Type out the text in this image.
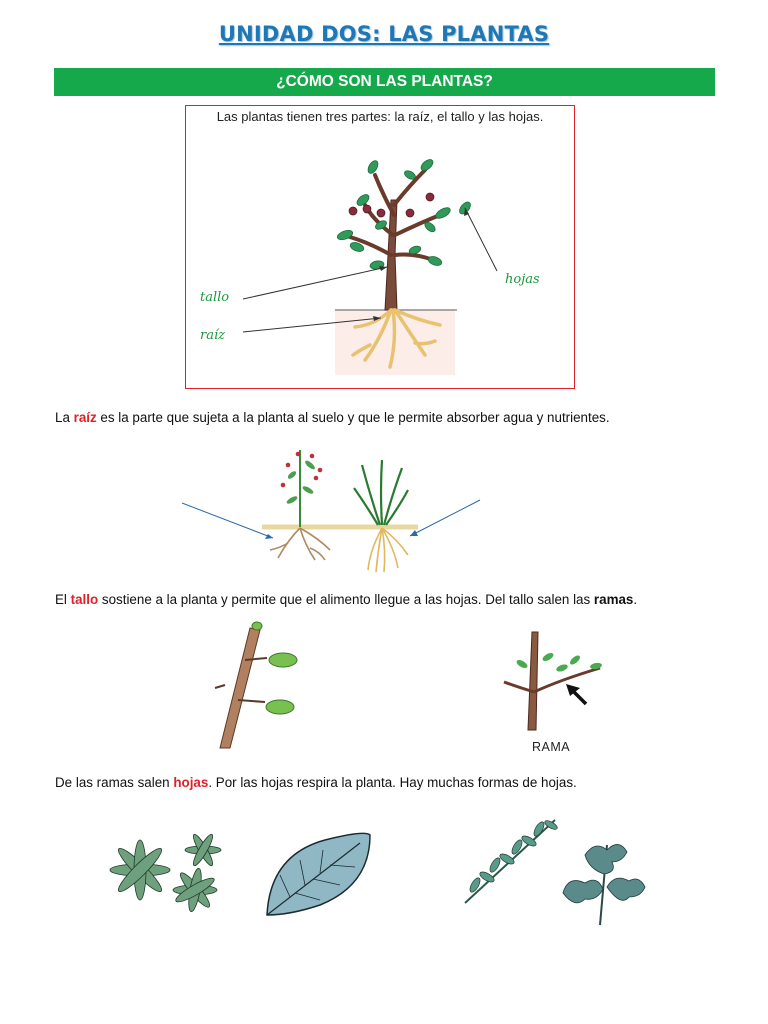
UNIDAD DOS: LAS PLANTAS
¿CÓMO SON LAS PLANTAS?
Las plantas tienen tres partes: la raíz, el tallo y las hojas.
tallo
raíz
hojas
La raíz es la parte que sujeta a la planta al suelo y que le permite absorber agua y nutrientes.
El tallo sostiene a la planta y permite que el alimento llegue a las hojas. Del tallo salen las ramas.
RAMA
De las ramas salen hojas. Por las hojas respira la planta. Hay muchas formas de hojas.
